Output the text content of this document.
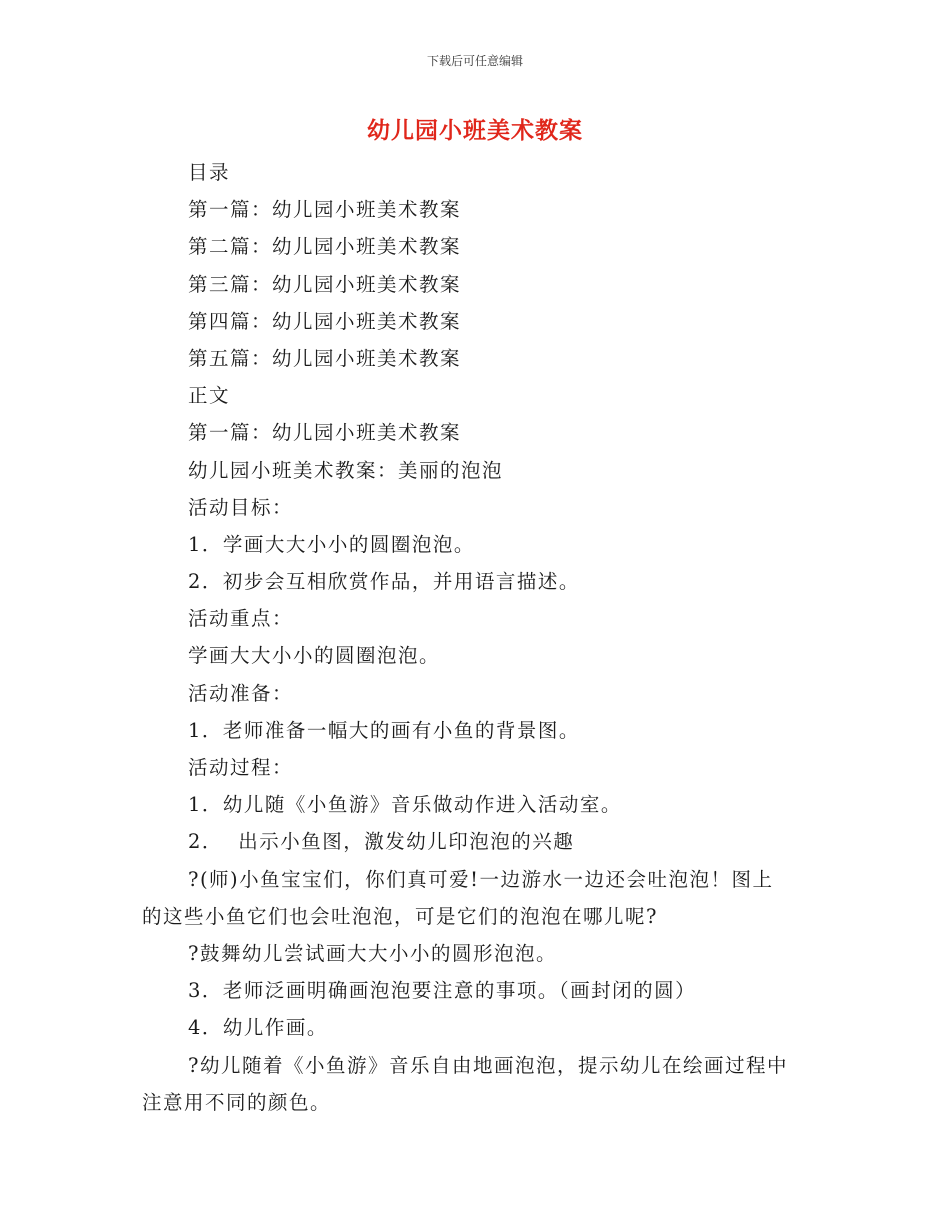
下载后可任意编辑
幼儿园小班美术教案
目录
第一篇：幼儿园小班美术教案
第二篇：幼儿园小班美术教案
第三篇：幼儿园小班美术教案
第四篇：幼儿园小班美术教案
第五篇：幼儿园小班美术教案
正文
第一篇：幼儿园小班美术教案
幼儿园小班美术教案：美丽的泡泡
活动目标：
1．学画大大小小的圆圈泡泡。
2．初步会互相欣赏作品，并用语言描述。
活动重点：
学画大大小小的圆圈泡泡。
活动准备：
1．老师准备一幅大的画有小鱼的背景图。
活动过程：
1．幼儿随《小鱼游》音乐做动作进入活动室。
2．  出示小鱼图，激发幼儿印泡泡的兴趣
?(师)小鱼宝宝们，你们真可爱!一边游水一边还会吐泡泡！图上
的这些小鱼它们也会吐泡泡，可是它们的泡泡在哪儿呢?
?鼓舞幼儿尝试画大大小小的圆形泡泡。
3．老师泛画明确画泡泡要注意的事项。（画封闭的圆）
4．幼儿作画。
?幼儿随着《小鱼游》音乐自由地画泡泡，提示幼儿在绘画过程中
注意用不同的颜色。
